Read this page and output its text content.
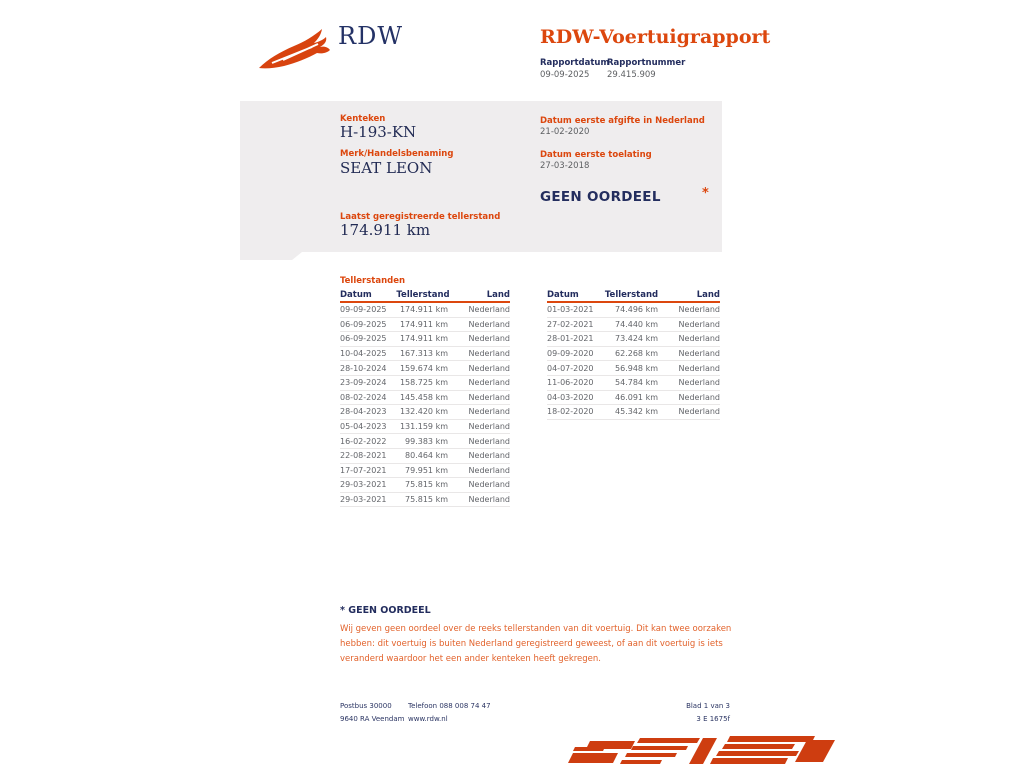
RDW	RDW-Voertuigrapport
Rapportdatum
09-09-2025
Rapportnummer
29.415.909
Kenteken
H-193-KN
Merk/Handelsbenaming
SEAT LEON
Laatst geregistreerde tellerstand
174.911 km
Datum eerste afgifte in Nederland
21-02-2020
Datum eerste toelating
27-03-2018
GEEN OORDEEL	*
Tellerstanden
Datum	Tellerstand	Land
09-09-2025	174.911 km	Nederland
06-09-2025	174.911 km	Nederland
06-09-2025	174.911 km	Nederland
10-04-2025	167.313 km	Nederland
28-10-2024	159.674 km	Nederland
23-09-2024	158.725 km	Nederland
08-02-2024	145.458 km	Nederland
28-04-2023	132.420 km	Nederland
05-04-2023	131.159 km	Nederland
16-02-2022	99.383 km	Nederland
22-08-2021	80.464 km	Nederland
17-07-2021	79.951 km	Nederland
29-03-2021	75.815 km	Nederland
29-03-2021	75.815 km	Nederland
Datum	Tellerstand	Land
01-03-2021	74.496 km	Nederland
27-02-2021	74.440 km	Nederland
28-01-2021	73.424 km	Nederland
09-09-2020	62.268 km	Nederland
04-07-2020	56.948 km	Nederland
11-06-2020	54.784 km	Nederland
04-03-2020	46.091 km	Nederland
18-02-2020	45.342 km	Nederland
* GEEN OORDEEL
Wij geven geen oordeel over de reeks tellerstanden van dit voertuig. Dit kan twee oorzaken hebben: dit voertuig is buiten Nederland geregistreerd geweest, of aan dit voertuig is iets veranderd waardoor het een ander kenteken heeft gekregen.
Postbus 30000
9640 RA Veendam
Telefoon 088 008 74 47
www.rdw.nl
Blad 1 van 3
3 E 1675f
